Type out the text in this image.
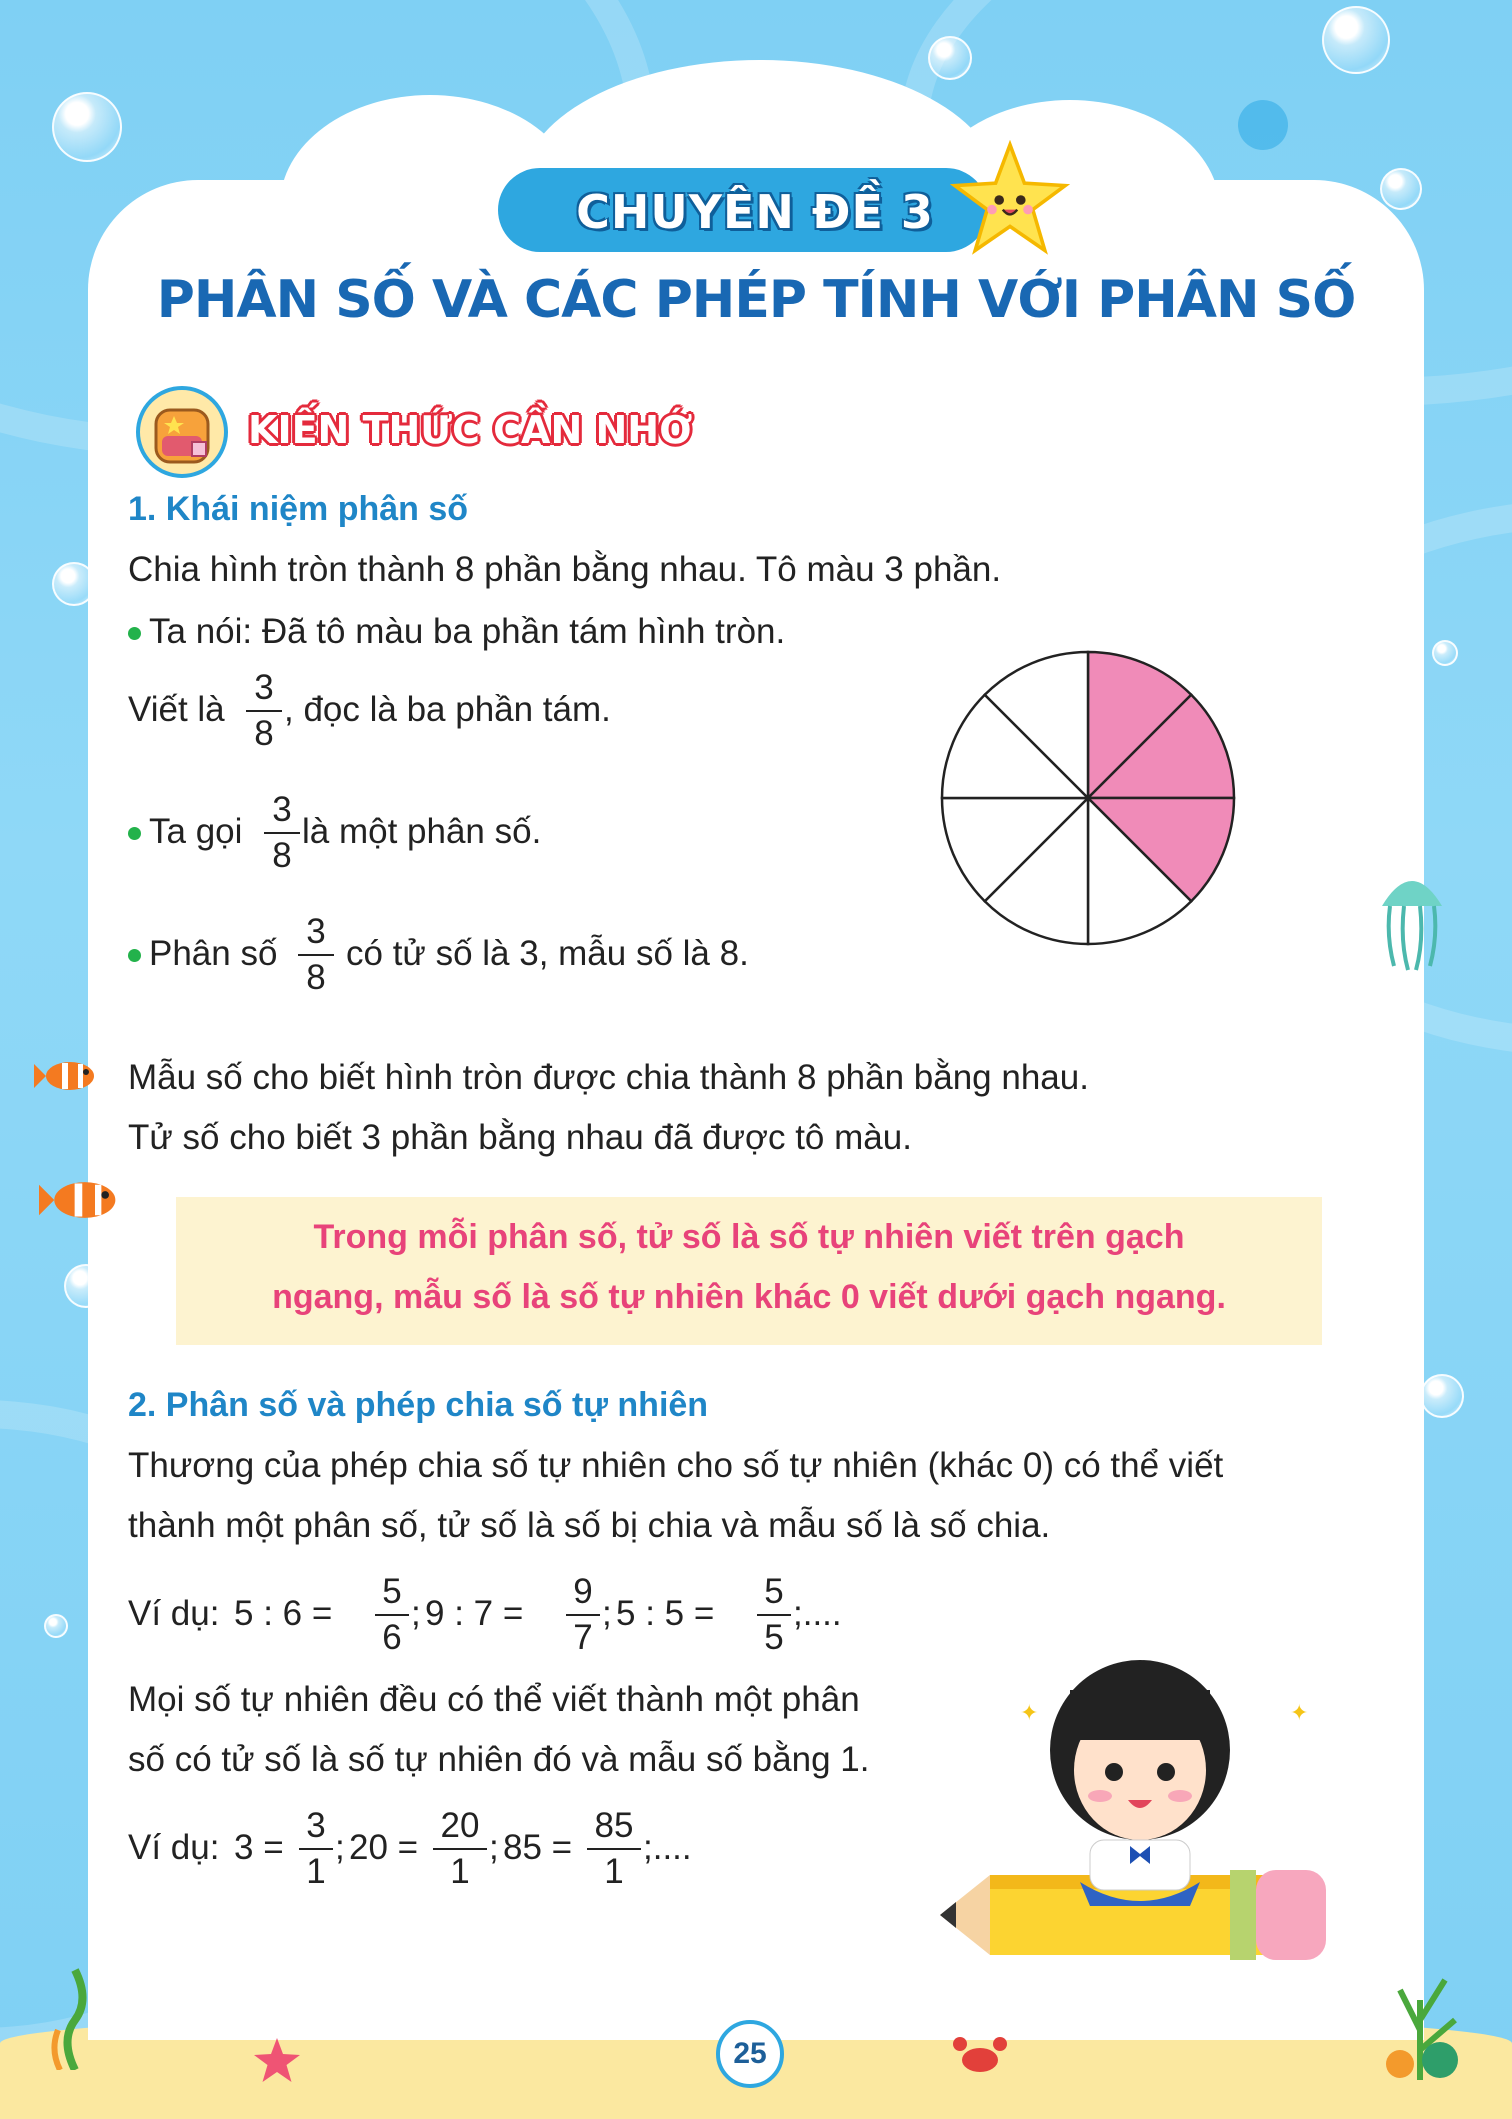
CHUYÊN ĐỀ 3
PHÂN SỐ VÀ CÁC PHÉP TÍNH VỚI PHÂN SỐ
KIẾN THỨC CẦN NHỚ
1. Khái niệm phân số
Chia hình tròn thành 8 phần bằng nhau. Tô màu 3 phần.
Ta nói: Đã tô màu ba phần tám hình tròn.
Viết là
3
8
, đọc là ba phần tám.
Ta gọi
3
8
là một phân số.
Phân số
3
8
có tử số là 3, mẫu số là 8.
Mẫu số cho biết hình tròn được chia thành 8 phần bằng nhau.
Tử số cho biết 3 phần bằng nhau đã được tô màu.
Trong mỗi phân số, tử số là số tự nhiên viết trên gạch
ngang, mẫu số là số tự nhiên khác 0 viết dưới gạch ngang.
2. Phân số và phép chia số tự nhiên
Thương của phép chia số tự nhiên cho số tự nhiên (khác 0) có thể viết
thành một phân số, tử số là số bị chia và mẫu số là số chia.
Ví dụ: 5 : 6 =
5
6
; 9 : 7 =
9
7
; 5 : 5 =
5
5
;....
Mọi số tự nhiên đều có thể viết thành một phân
số có tử số là số tự nhiên đó và mẫu số bằng 1.
Ví dụ: 3 =
3
1
; 20 =
20
1
; 85 =
85
1
;....
✦	✦
25
